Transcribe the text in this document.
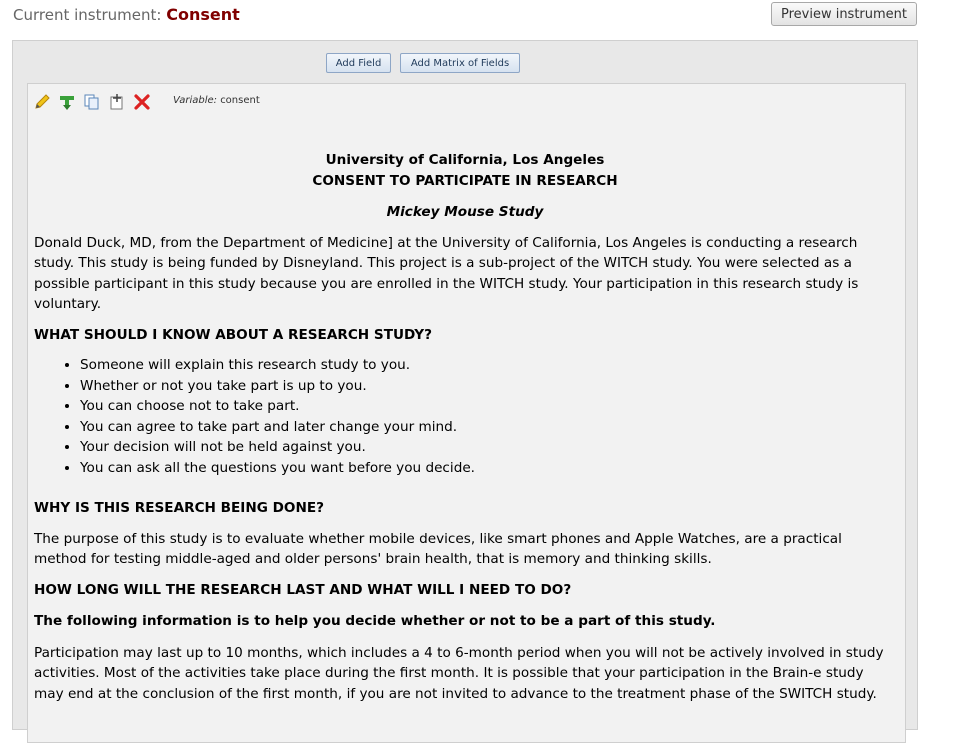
Current instrument: Consent	Preview instrument
Add Field	Add Matrix of Fields
Variable: consent
University of California, Los Angeles
CONSENT TO PARTICIPATE IN RESEARCH
Mickey Mouse Study

Donald Duck, MD, from the Department of Medicine] at the University of California, Los Angeles is conducting a research study. This study is being funded by Disneyland. This project is a sub-project of the WITCH study. You were selected as a possible participant in this study because you are enrolled in the WITCH study. Your participation in this research study is voluntary.

WHAT SHOULD I KNOW ABOUT A RESEARCH STUDY?

• Someone will explain this research study to you.
• Whether or not you take part is up to you.
• You can choose not to take part.
• You can agree to take part and later change your mind.
• Your decision will not be held against you.
• You can ask all the questions you want before you decide.

WHY IS THIS RESEARCH BEING DONE?

The purpose of this study is to evaluate whether mobile devices, like smart phones and Apple Watches, are a practical method for testing middle-aged and older persons' brain health, that is memory and thinking skills.

HOW LONG WILL THE RESEARCH LAST AND WHAT WILL I NEED TO DO?

The following information is to help you decide whether or not to be a part of this study.

Participation may last up to 10 months, which includes a 4 to 6-month period when you will not be actively involved in study activities. Most of the activities take place during the first month. It is possible that your participation in the Brain-e study may end at the conclusion of the first month, if you are not invited to advance to the treatment phase of the SWITCH study.
